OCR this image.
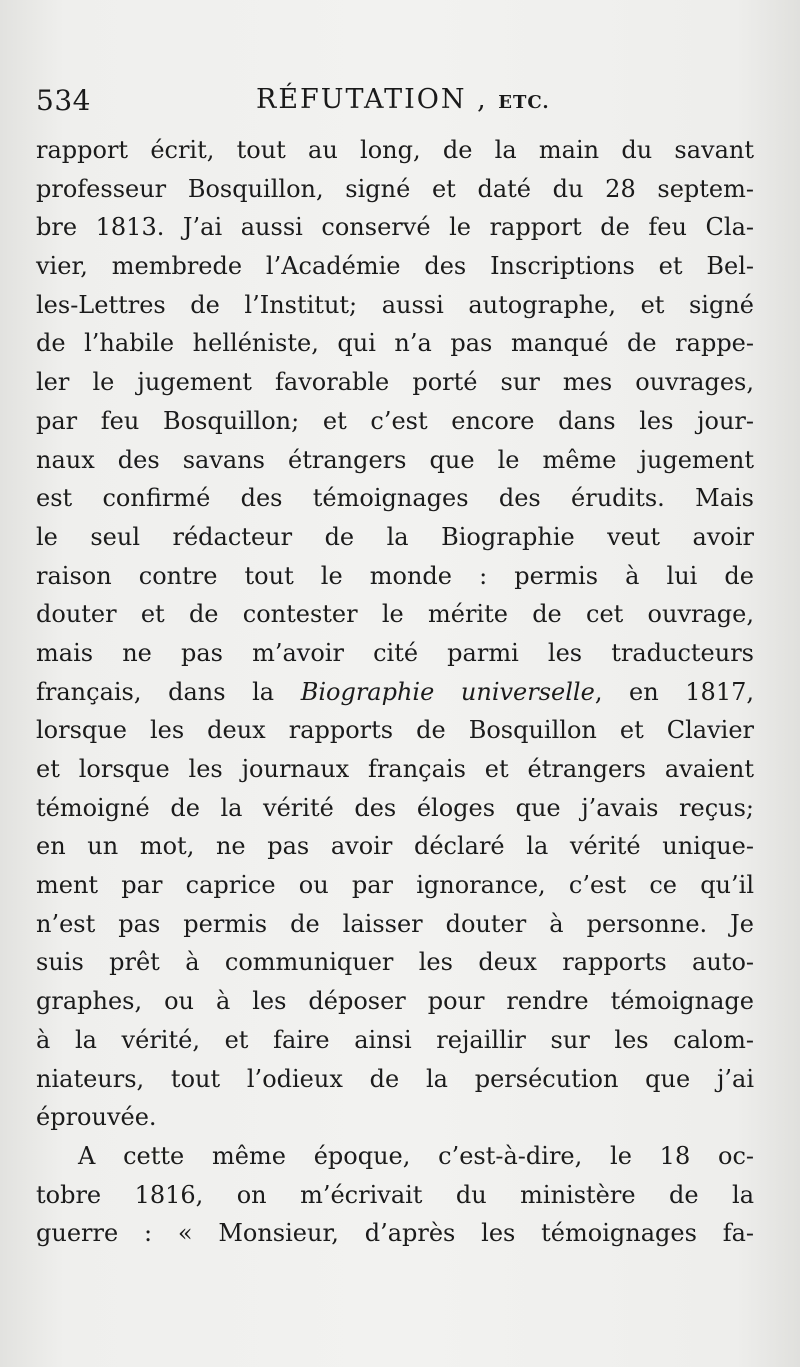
534	RÉFUTATION , ETC.
rapport écrit, tout au long, de la main du savant
professeur Bosquillon, signé et daté du 28 septem-
bre 1813. J’ai aussi conservé le rapport de feu Cla-
vier, membrede l’Académie des Inscriptions et Bel-
les-Lettres de l’Institut; aussi autographe, et signé
de l’habile helléniste, qui n’a pas manqué de rappe-
ler le jugement favorable porté sur mes ouvrages,
par feu Bosquillon; et c’est encore dans les jour-
naux des savans étrangers que le même jugement
est confirmé des témoignages des érudits. Mais
le seul rédacteur de la Biographie veut avoir
raison contre tout le monde : permis à lui de
douter et de contester le mérite de cet ouvrage,
mais ne pas m’avoir cité parmi les traducteurs
français, dans la Biographie universelle, en 1817,
lorsque les deux rapports de Bosquillon et Clavier
et lorsque les journaux français et étrangers avaient
témoigné de la vérité des éloges que j’avais reçus;
en un mot, ne pas avoir déclaré la vérité unique-
ment par caprice ou par ignorance, c’est ce qu’il
n’est pas permis de laisser douter à personne. Je
suis prêt à communiquer les deux rapports auto-
graphes, ou à les déposer pour rendre témoignage
à la vérité, et faire ainsi rejaillir sur les calom-
niateurs, tout l’odieux de la persécution que j’ai
éprouvée.
A cette même époque, c’est-à-dire, le 18 oc-
tobre 1816, on m’écrivait du ministère de la
guerre : « Monsieur, d’après les témoignages fa-
